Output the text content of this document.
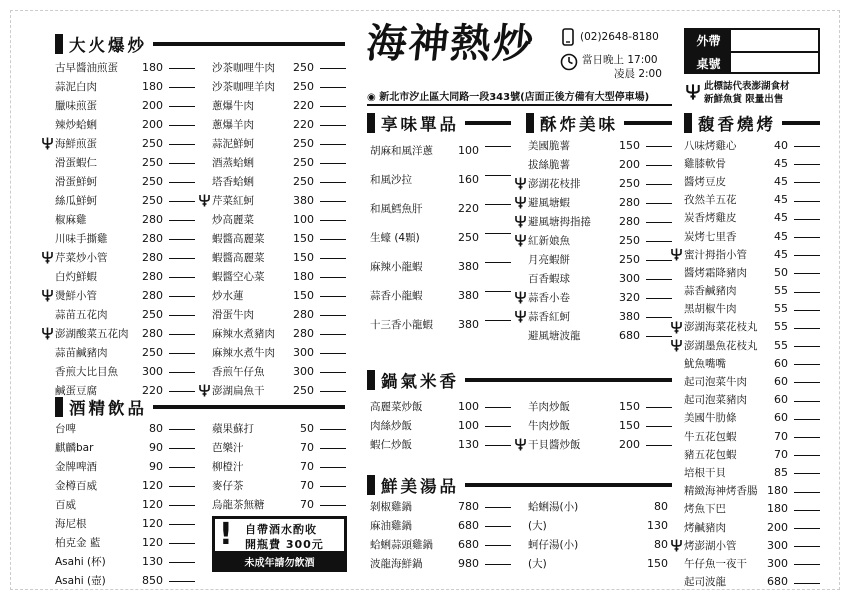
大火爆炒
酒精飲品
享味單品	酥炸美味	馥香燒烤
鍋氣米香
鮮美湯品
古早醬油煎蛋 180
蒜泥白肉	180
臘味煎蛋	200
辣炒蛤蜊	200
海鮮煎蛋	250
滑蛋蝦仁	250
滑蛋鮮蚵	250
絲瓜鮮蚵	250
椒麻雞	280
川味手撕雞	280
芹菜炒小管	280
白灼鮮蝦	280
燙鮮小管	280
蒜苗五花肉	250
澎湖酸菜五花肉 280
蒜苗鹹豬肉	250
香煎大比目魚 300
鹹蛋豆腐	220
沙茶咖哩牛肉 250
沙茶咖哩羊肉 250
蔥爆牛肉	220
蔥爆羊肉	220
蒜泥鮮蚵	250
酒蒸蛤蜊	250
塔香蛤蜊	250
芹菜紅蚵	380
炒高麗菜	100
蝦醬高麗菜	150
蝦醬高麗菜	150
蝦醬空心菜	180
炒水蓮	150
滑蛋牛肉	280
麻辣水煮豬肉 280
麻辣水煮牛肉 300
香煎午仔魚	300
澎湖扁魚干	250
台啤	80
麒麟bar	90
金牌啤酒	90
金樽百威	120
百威	120
海尼根	120
柏克金 藍	120
Asahi (杯)	130
Asahi (壺)	850
蘋果蘇打	50
芭樂汁	70
柳橙汁	70
麥仔茶	70
烏龍茶無糖	70
胡麻和風洋蔥 100
和風沙拉	160
和風鱈魚肝	220
生蠔 (4顆)	250
麻辣小龍蝦	380
蒜香小龍蝦	380
十三香小龍蝦 380
美國脆薯	150
拔絲脆薯	200
澎湖花枝排	250
避風塘蝦	280
避風塘拇指捲	280
紅新娘魚	250
月亮蝦餅	250
百香蝦球	300
蒜香小卷	320
蒜香紅蚵	380
避風塘波龍	680
高麗菜炒飯	100
肉絲炒飯	100
蝦仁炒飯	130
羊肉炒飯	150
牛肉炒飯	150
干貝醬炒飯	200
剝椒雞鍋	780
麻油雞鍋	680
蛤蜊蒜頭雞鍋 680
波龍海鮮鍋	980
蛤蜊湯(小)	80
(大)	130
蚵仔湯(小)	80
(大)	150
八味烤雞心	40
雞膝軟骨	45
醬烤豆皮	45
孜然羊五花	45
炭香烤雞皮	45
炭烤七里香	45
蜜汁拇指小管 45
醬烤霜降豬肉 50
蒜香鹹豬肉	55
黑胡椒牛肉	55
澎湖海菜花枝丸 55
澎湖墨魚花枝丸 55
魷魚嘴嘴	60
起司泡菜牛肉 60
起司泡菜豬肉 60
美國牛肋條	60
牛五花包蝦	70
豬五花包蝦	70
培根干貝	85
精緻海神烤香腸 180
烤魚下巴	180
烤鹹豬肉	200
烤澎湖小管	300
午仔魚一夜干 300
起司波龍	680
海神熱炒	(02)2648-8180
當日晚上 17:00
凌晨 2:00
◉ 新北市汐止區大同路一段343號(店面正後方備有大型停車場)
外帶
桌號
此標誌代表澎湖食材
新鮮魚貨 限量出售
! 自帶酒水酌收
開瓶費 300元
未成年請勿飲酒
